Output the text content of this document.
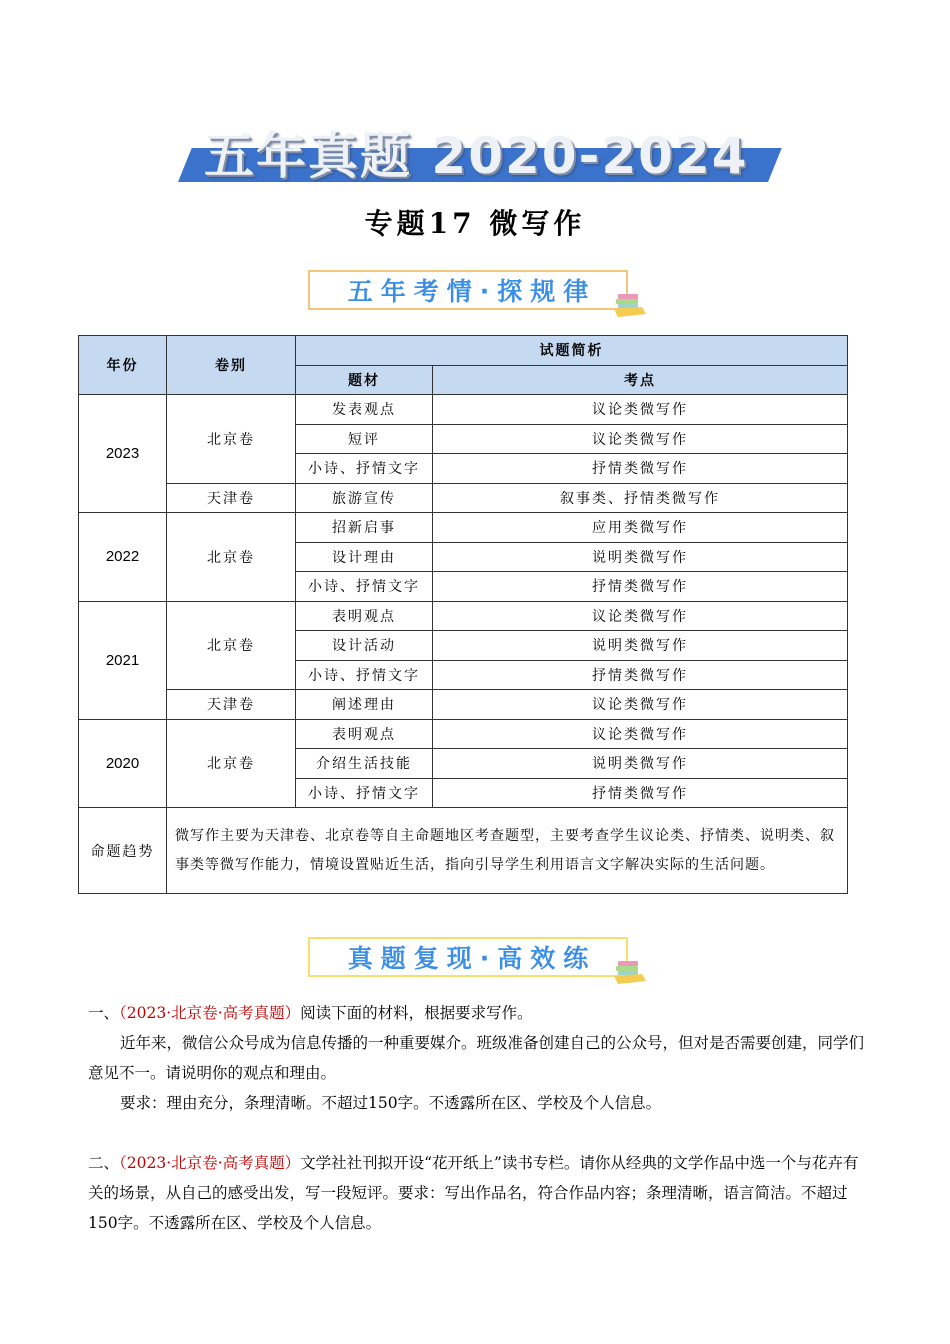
五年真题 2020-2024
专题17 微写作
五年考情·探规律
年份	卷别	试题简析	
		题材	考点
2023	北京卷	发表观点	议论类微写作
		短评	议论类微写作
		小诗、抒情文字	抒情类微写作
	天津卷	旅游宣传	叙事类、抒情类微写作
2022	北京卷	招新启事	应用类微写作
		设计理由	说明类微写作
		小诗、抒情文字	抒情类微写作
2021	北京卷	表明观点	议论类微写作
		设计活动	说明类微写作
		小诗、抒情文字	抒情类微写作
	天津卷	阐述理由	议论类微写作
2020	北京卷	表明观点	议论类微写作
		介绍生活技能	说明类微写作
		小诗、抒情文字	抒情类微写作
命题趋势	微写作主要为天津卷、北京卷等自主命题地区考查题型，主要考查学生议论类、抒情类、说明类、叙事类等微写作能力，情境设置贴近生活，指向引导学生利用语言文字解决实际的生活问题。		
真题复现·高效练

一、（2023·北京卷·高考真题）阅读下面的材料，根据要求写作。

近年来，微信公众号成为信息传播的一种重要媒介。班级准备创建自己的公众号，但对是否需要创建，同学们意见不一。请说明你的观点和理由。

要求：理由充分，条理清晰。不超过150字。不透露所在区、学校及个人信息。

二、（2023·北京卷·高考真题）文学社社刊拟开设“花开纸上”读书专栏。请你从经典的文学作品中选一个与花卉有关的场景，从自己的感受出发，写一段短评。要求：写出作品名，符合作品内容；条理清晰，语言简洁。不超过150字。不透露所在区、学校及个人信息。
